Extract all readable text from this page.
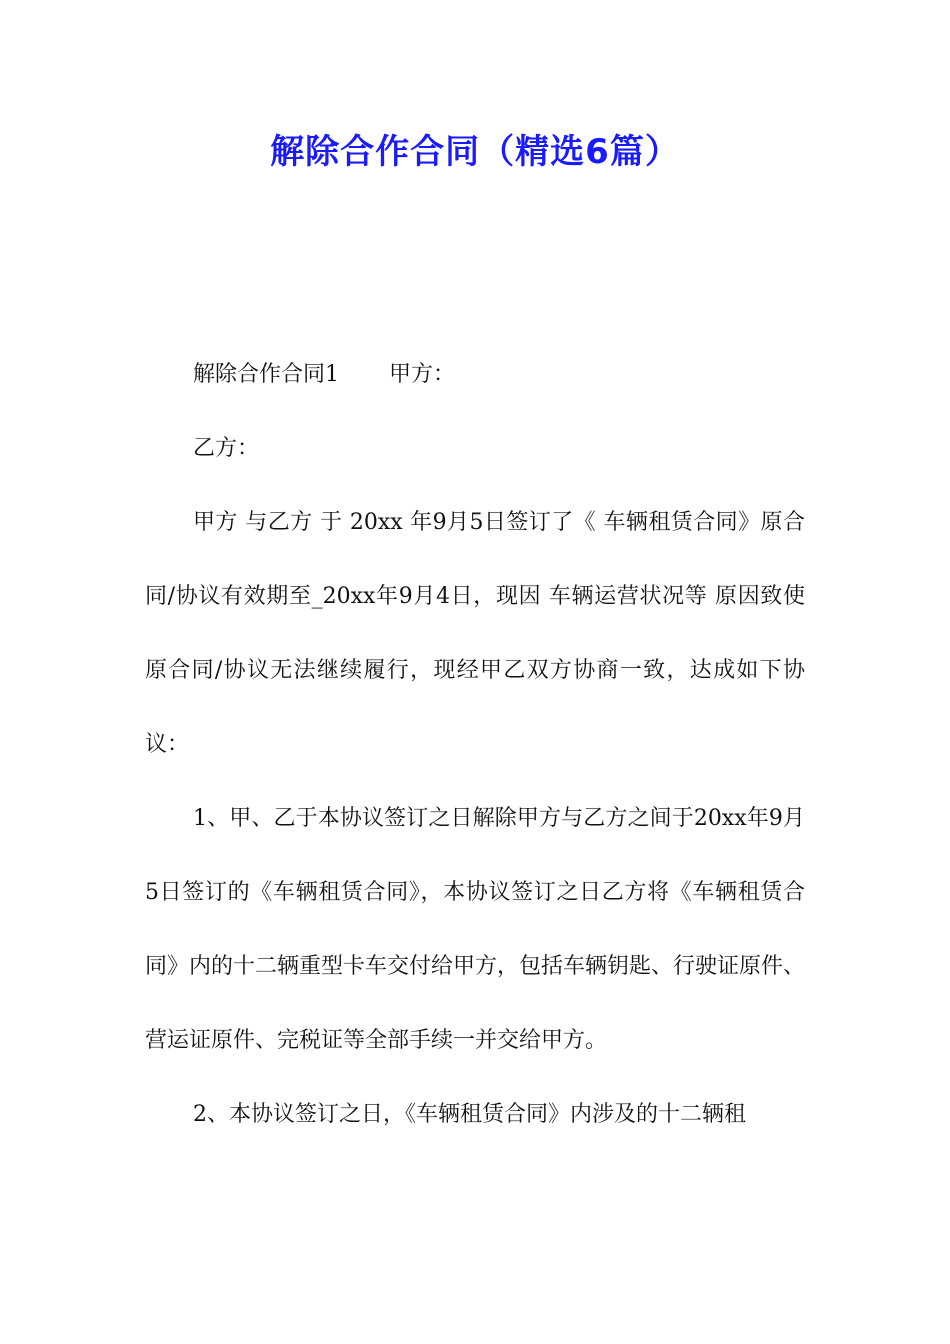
解除合作合同（精选6篇）

解除合作合同1 甲方：

乙方：

甲方 与乙方 于 20xx 年9月5日签订了《 车辆租赁合同》原合同/协议有效期至_20xx年9月4日，现因 车辆运营状况等 原因致使原合同/协议无法继续履行，现经甲乙双方协商一致，达成如下协议：

1、甲、乙于本协议签订之日解除甲方与乙方之间于20xx年9月5日签订的《车辆租赁合同》，本协议签订之日乙方将《车辆租赁合同》内的十二辆重型卡车交付给甲方，包括车辆钥匙、行驶证原件、营运证原件、完税证等全部手续一并交给甲方。

2、本协议签订之日，《车辆租赁合同》内涉及的十二辆租
